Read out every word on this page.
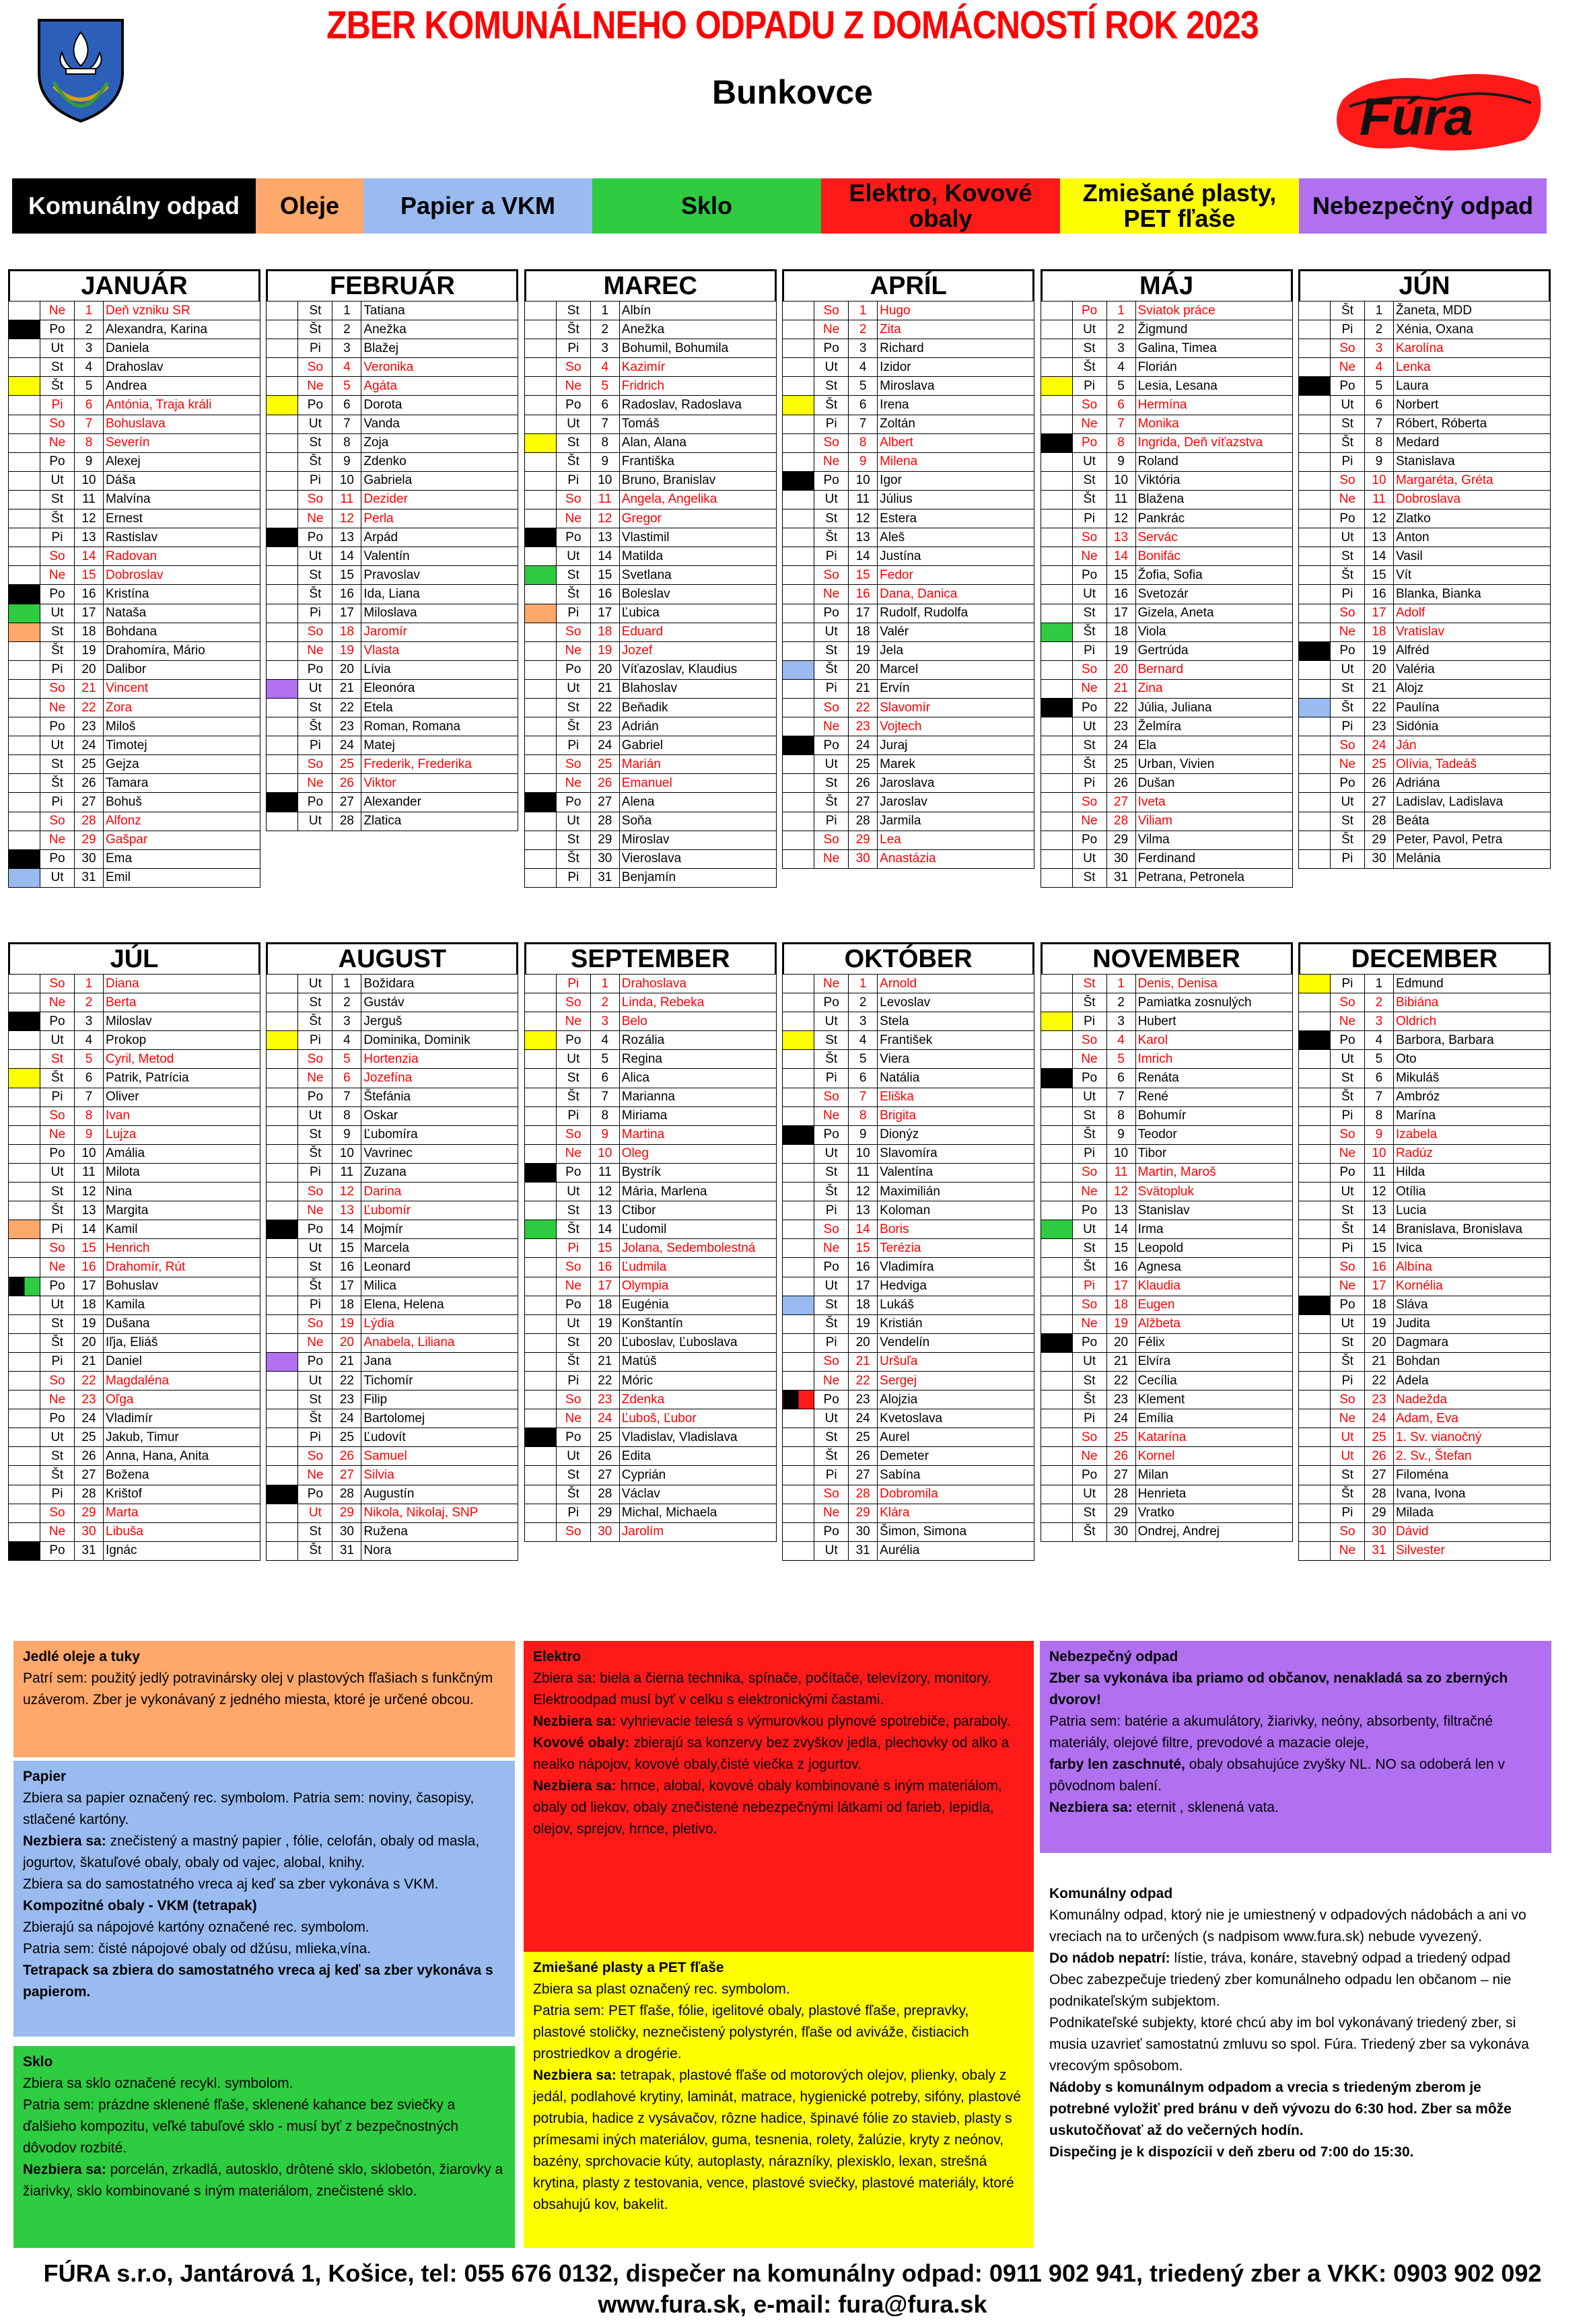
ZBER KOMUNÁLNEHO ODPADU Z DOMÁCNOSTÍ ROK 2023
Bunkovce	Fúra
Komunálny odpad	Oleje	Papier a VKM	Sklo	Elektro, Kovové obaly
Zmiešané plasty, PET fľaše	Nebezpečný odpad
JANUÁR
	Ne	1	Deň vzniku SR
	Po	2	Alexandra, Karina
	Ut	3	Daniela
	St	4	Drahoslav
	Št	5	Andrea
	Pi	6	Antónia, Traja králi
	So	7	Bohuslava
	Ne	8	Severín
	Po	9	Alexej
	Ut	10	Dáša
	St	11	Malvína
	Št	12	Ernest
	Pi	13	Rastislav
	So	14	Radovan
	Ne	15	Dobroslav
	Po	16	Kristína
	Ut	17	Nataša
	St	18	Bohdana
	Št	19	Drahomíra, Mário
	Pi	20	Dalibor
	So	21	Vincent
	Ne	22	Zora
	Po	23	Miloš
	Ut	24	Timotej
	St	25	Gejza
	Št	26	Tamara
	Pi	27	Bohuš
	So	28	Alfonz
	Ne	29	Gašpar
	Po	30	Ema
	Ut	31	Emil
FEBRUÁR
	St	1	Tatiana
	Št	2	Anežka
	Pi	3	Blažej
	So	4	Veronika
	Ne	5	Agáta
	Po	6	Dorota
	Ut	7	Vanda
	St	8	Zoja
	Št	9	Zdenko
	Pi	10	Gabriela
	So	11	Dezider
	Ne	12	Perla
	Po	13	Arpád
	Ut	14	Valentín
	St	15	Pravoslav
	Št	16	Ida, Liana
	Pi	17	Miloslava
	So	18	Jaromír
	Ne	19	Vlasta
	Po	20	Lívia
	Ut	21	Eleonóra
	St	22	Etela
	Št	23	Roman, Romana
	Pi	24	Matej
	So	25	Frederik, Frederika
	Ne	26	Viktor
	Po	27	Alexander
	Ut	28	Zlatica
MAREC
	St	1	Albín
	Št	2	Anežka
	Pi	3	Bohumil, Bohumila
	So	4	Kazimír
	Ne	5	Fridrich
	Po	6	Radoslav, Radoslava
	Ut	7	Tomáš
	St	8	Alan, Alana
	Št	9	Františka
	Pi	10	Bruno, Branislav
	So	11	Angela, Angelika
	Ne	12	Gregor
	Po	13	Vlastimil
	Ut	14	Matilda
	St	15	Svetlana
	Št	16	Boleslav
	Pi	17	Ľubica
	So	18	Eduard
	Ne	19	Jozef
	Po	20	Víťazoslav, Klaudius
	Ut	21	Blahoslav
	St	22	Beňadik
	Št	23	Adrián
	Pi	24	Gabriel
	So	25	Marián
	Ne	26	Emanuel
	Po	27	Alena
	Ut	28	Soňa
	St	29	Miroslav
	Št	30	Vieroslava
	Pi	31	Benjamín
APRÍL
	So	1	Hugo
	Ne	2	Zita
	Po	3	Richard
	Ut	4	Izidor
	St	5	Miroslava
	Št	6	Irena
	Pi	7	Zoltán
	So	8	Albert
	Ne	9	Milena
	Po	10	Igor
	Ut	11	Július
	St	12	Estera
	Št	13	Aleš
	Pi	14	Justína
	So	15	Fedor
	Ne	16	Dana, Danica
	Po	17	Rudolf, Rudolfa
	Ut	18	Valér
	St	19	Jela
	Št	20	Marcel
	Pi	21	Ervín
	So	22	Slavomír
	Ne	23	Vojtech
	Po	24	Juraj
	Ut	25	Marek
	St	26	Jaroslava
	Št	27	Jaroslav
	Pi	28	Jarmila
	So	29	Lea
	Ne	30	Anastázia
MÁJ
	Po	1	Sviatok práce
	Ut	2	Žigmund
	St	3	Galina, Timea
	Št	4	Florián
	Pi	5	Lesia, Lesana
	So	6	Hermína
	Ne	7	Monika
	Po	8	Ingrida, Deň víťazstva
	Ut	9	Roland
	St	10	Viktória
	Št	11	Blažena
	Pi	12	Pankrác
	So	13	Servác
	Ne	14	Bonifác
	Po	15	Žofia, Sofia
	Ut	16	Svetozár
	St	17	Gizela, Aneta
	Št	18	Viola
	Pi	19	Gertrúda
	So	20	Bernard
	Ne	21	Zina
	Po	22	Júlia, Juliana
	Ut	23	Želmíra
	St	24	Ela
	Št	25	Urban, Vivien
	Pi	26	Dušan
	So	27	Iveta
	Ne	28	Viliam
	Po	29	Vilma
	Ut	30	Ferdinand
	St	31	Petrana, Petronela
JÚN
	Št	1	Žaneta, MDD
	Pi	2	Xénia, Oxana
	So	3	Karolína
	Ne	4	Lenka
	Po	5	Laura
	Ut	6	Norbert
	St	7	Róbert, Róberta
	Št	8	Medard
	Pi	9	Stanislava
	So	10	Margaréta, Gréta
	Ne	11	Dobroslava
	Po	12	Zlatko
	Ut	13	Anton
	St	14	Vasil
	Št	15	Vít
	Pi	16	Blanka, Bianka
	So	17	Adolf
	Ne	18	Vratislav
	Po	19	Alfréd
	Ut	20	Valéria
	St	21	Alojz
	Št	22	Paulína
	Pi	23	Sidónia
	So	24	Ján
	Ne	25	Olívia, Tadeáš
	Po	26	Adriána
	Ut	27	Ladislav, Ladislava
	St	28	Beáta
	Št	29	Peter, Pavol, Petra
	Pi	30	Melánia
JÚL
	So	1	Diana
	Ne	2	Berta
	Po	3	Miloslav
	Ut	4	Prokop
	St	5	Cyril, Metod
	Št	6	Patrik, Patrícia
	Pi	7	Oliver
	So	8	Ivan
	Ne	9	Lujza
	Po	10	Amália
	Ut	11	Milota
	St	12	Nina
	Št	13	Margita
	Pi	14	Kamil
	So	15	Henrich
	Ne	16	Drahomír, Rút
	Po	17	Bohuslav
	Ut	18	Kamila
	St	19	Dušana
	Št	20	Iľja, Eliáš
	Pi	21	Daniel
	So	22	Magdaléna
	Ne	23	Oľga
	Po	24	Vladimír
	Ut	25	Jakub, Timur
	St	26	Anna, Hana, Anita
	Št	27	Božena
	Pi	28	Krištof
	So	29	Marta
	Ne	30	Libuša
	Po	31	Ignác
AUGUST
	Ut	1	Božidara
	St	2	Gustáv
	Št	3	Jerguš
	Pi	4	Dominika, Dominik
	So	5	Hortenzia
	Ne	6	Jozefína
	Po	7	Štefánia
	Ut	8	Oskar
	St	9	Ľubomíra
	Št	10	Vavrinec
	Pi	11	Zuzana
	So	12	Darina
	Ne	13	Ľubomír
	Po	14	Mojmír
	Ut	15	Marcela
	St	16	Leonard
	Št	17	Milica
	Pi	18	Elena, Helena
	So	19	Lýdia
	Ne	20	Anabela, Liliana
	Po	21	Jana
	Ut	22	Tichomír
	St	23	Filip
	Št	24	Bartolomej
	Pi	25	Ľudovít
	So	26	Samuel
	Ne	27	Silvia
	Po	28	Augustín
	Ut	29	Nikola, Nikolaj, SNP
	St	30	Ružena
	Št	31	Nora
SEPTEMBER
	Pi	1	Drahoslava
	So	2	Linda, Rebeka
	Ne	3	Belo
	Po	4	Rozália
	Ut	5	Regina
	St	6	Alica
	Št	7	Marianna
	Pi	8	Miriama
	So	9	Martina
	Ne	10	Oleg
	Po	11	Bystrík
	Ut	12	Mária, Marlena
	St	13	Ctibor
	Št	14	Ľudomil
	Pi	15	Jolana, Sedembolestná
	So	16	Ľudmila
	Ne	17	Olympia
	Po	18	Eugénia
	Ut	19	Konštantín
	St	20	Ľuboslav, Ľuboslava
	Št	21	Matúš
	Pi	22	Móric
	So	23	Zdenka
	Ne	24	Ľuboš, Ľubor
	Po	25	Vladislav, Vladislava
	Ut	26	Edita
	St	27	Cyprián
	Št	28	Václav
	Pi	29	Michal, Michaela
	So	30	Jarolím
OKTÓBER
	Ne	1	Arnold
	Po	2	Levoslav
	Ut	3	Stela
	St	4	František
	Št	5	Viera
	Pi	6	Natália
	So	7	Eliška
	Ne	8	Brigita
	Po	9	Dionýz
	Ut	10	Slavomíra
	St	11	Valentína
	Št	12	Maximilián
	Pi	13	Koloman
	So	14	Boris
	Ne	15	Terézia
	Po	16	Vladimíra
	Ut	17	Hedviga
	St	18	Lukáš
	Št	19	Kristián
	Pi	20	Vendelín
	So	21	Uršuľa
	Ne	22	Sergej
	Po	23	Alojzia
	Ut	24	Kvetoslava
	St	25	Aurel
	Št	26	Demeter
	Pi	27	Sabína
	So	28	Dobromila
	Ne	29	Klára
	Po	30	Šimon, Simona
	Ut	31	Aurélia
NOVEMBER
	St	1	Denis, Denisa
	Št	2	Pamiatka zosnulých
	Pi	3	Hubert
	So	4	Karol
	Ne	5	Imrich
	Po	6	Renáta
	Ut	7	René
	St	8	Bohumír
	Št	9	Teodor
	Pi	10	Tibor
	So	11	Martin, Maroš
	Ne	12	Svätopluk
	Po	13	Stanislav
	Ut	14	Irma
	St	15	Leopold
	Št	16	Agnesa
	Pi	17	Klaudia
	So	18	Eugen
	Ne	19	Alžbeta
	Po	20	Félix
	Ut	21	Elvíra
	St	22	Cecília
	Št	23	Klement
	Pi	24	Emília
	So	25	Katarína
	Ne	26	Kornel
	Po	27	Milan
	Ut	28	Henrieta
	St	29	Vratko
	Št	30	Ondrej, Andrej
DECEMBER
	Pi	1	Edmund
	So	2	Bibiána
	Ne	3	Oldrich
	Po	4	Barbora, Barbara
	Ut	5	Oto
	St	6	Mikuláš
	Št	7	Ambróz
	Pi	8	Marína
	So	9	Izabela
	Ne	10	Radúz
	Po	11	Hilda
	Ut	12	Otília
	St	13	Lucia
	Št	14	Branislava, Bronislava
	Pi	15	Ivica
	So	16	Albína
	Ne	17	Kornélia
	Po	18	Sláva
	Ut	19	Judita
	St	20	Dagmara
	Št	21	Bohdan
	Pi	22	Adela
	So	23	Nadežda
	Ne	24	Adam, Eva
	Ut	25	1. Sv. vianočný
	Ut	26	2. Sv., Štefan
	St	27	Filoména
	Št	28	Ivana, Ivona
	Pi	29	Milada
	So	30	Dávid
	Ne	31	Silvester

Jedlé oleje a tuky

Patrí sem: použitý jedlý potravinársky olej v plastových fľašiach s funkčným uzáverom. Zber je vykonávaný z jedného miesta, ktoré je určené obcou.

Papier

Zbiera sa papier označený rec. symbolom. Patria sem: noviny, časopisy, stlačené kartóny.

Nezbiera sa: znečistený a mastný papier , fólie, celofán, obaly od masla, jogurtov, škatuľové obaly, obaly od vajec, alobal, knihy.

Zbiera sa do samostatného vreca aj keď sa zber vykonáva s VKM.

Kompozitné obaly - VKM (tetrapak)

Zbierajú sa nápojové kartóny označené rec. symbolom.

Patria sem: čisté nápojové obaly od džúsu, mlieka,vína.

Tetrapack sa zbiera do samostatného vreca aj keď sa zber vykonáva s papierom.

Sklo

Zbiera sa sklo označené recykl. symbolom.

Patria sem: prázdne sklenené fľaše, sklenené kahance bez sviečky a ďalšieho kompozitu, veľké tabuľové sklo - musí byť z bezpečnostných dôvodov rozbité.

Nezbiera sa: porcelán, zrkadlá, autosklo, drôtené sklo, sklobetón, žiarovky a žiarivky, sklo kombinované s iným materiálom, znečistené sklo.

Elektro

Zbiera sa: biela a čierna technika, spínače, počítače, televízory, monitory.

Elektroodpad musí byť v celku s elektronickými častami.

Nezbiera sa: vyhrievacie telesá s výmurovkou plynové spotrebiče, paraboly.

Kovové obaly: zbierajú sa konzervy bez zvyškov jedla, plechovky od alko a nealko nápojov, kovové obaly,čisté viečka z jogurtov.

Nezbiera sa: hrnce, alobal, kovové obaly kombinované s iným materiálom, obaly od liekov, obaly znečistené nebezpečnými látkami od farieb, lepidla, olejov, sprejov, hrnce, pletivo.

Zmiešané plasty a PET fľaše

Zbiera sa plast označený rec. symbolom.

Patria sem: PET fľaše, fólie, igelitové obaly, plastové fľaše, prepravky, plastové stoličky, neznečistený polystyrén, fľaše od aviváže, čistiacich prostriedkov a drogérie.

Nezbiera sa: tetrapak, plastové fľaše od motorových olejov, plienky, obaly z jedál, podlahové krytiny, laminát, matrace, hygienické potreby, sifóny, plastové potrubia, hadice z vysávačov, rôzne hadice, špinavé fólie zo stavieb, plasty s prímesami iných materiálov, guma, tesnenia, rolety, žalúzie, kryty z neónov, bazény, sprchovacie kúty, autoplasty, nárazníky, plexisklo, lexan, strešná krytina, plasty z testovania, vence, plastové sviečky, plastové materiály, ktoré obsahujú kov, bakelit.

Nebezpečný odpad

Zber sa vykonáva iba priamo od občanov, nenakladá sa zo zberných dvorov!

Patria sem: batérie a akumulátory, žiarivky, neóny, absorbenty, filtračné materiály, olejové filtre, prevodové a mazacie oleje,

farby len zaschnuté, obaly obsahujúce zvyšky NL. NO sa odoberá len v pôvodnom balení.

Nezbiera sa: eternit , sklenená vata.

Komunálny odpad

Komunálny odpad, ktorý nie je umiestnený v odpadových nádobách a ani vo vreciach na to určených (s nadpisom www.fura.sk) nebude vyvezený.

Do nádob nepatrí: lístie, tráva, konáre, stavebný odpad a triedený odpad

Obec zabezpečuje triedený zber komunálneho odpadu len občanom – nie podnikateľským subjektom.

Podnikateľské subjekty, ktoré chcú aby im bol vykonávaný triedený zber, si musia uzavrieť samostatnú zmluvu so spol. Fúra. Triedený zber sa vykonáva vrecovým spôsobom.

Nádoby s komunálnym odpadom a vrecia s triedeným zberom je potrebné vyložiť pred bránu v deň vývozu do 6:30 hod. Zber sa môže uskutočňovať až do večerných hodín.

Dispečing je k dispozícii v deň zberu od 7:00 do 15:30.

FÚRA s.r.o, Jantárová 1, Košice, tel: 055 676 0132, dispečer na komunálny odpad: 0911 902 941, triedený zber a VKK: 0903 902 092
www.fura.sk, e-mail: fura@fura.sk
